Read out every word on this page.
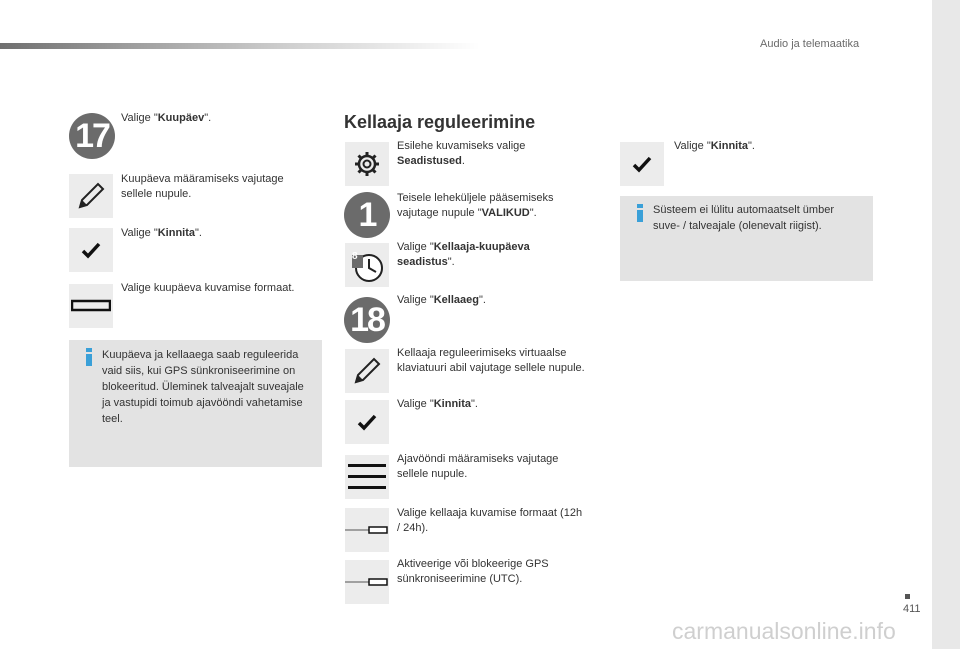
Audio ja telemaatika
411
17	Valige "Kuupäev".
Kuupäeva määramiseks vajutage sellele nupule.
Valige "Kinnita".
Valige kuupäeva kuvamise formaat.
Kuupäeva ja kellaaega saab reguleerida vaid siis, kui GPS sünkroniseerimine on blokeeritud. Üleminek talveajalt suveajale ja vastupidi toimub ajavööndi vahetamise teel.
Kellaaja reguleerimine
Esilehe kuvamiseks valige Seadistused.
1	Teisele leheküljele pääsemiseks vajutage nupule "VALIKUD".
8
Valige "Kellaaja-kuupäeva seadistus".
18
Valige "Kellaaeg".
Kellaaja reguleerimiseks virtuaalse klaviatuuri abil vajutage sellele nupule.
Valige "Kinnita".
Ajavööndi määramiseks vajutage sellele nupule.
Valige kellaaja kuvamise formaat (12h / 24h).
Aktiveerige või blokeerige GPS sünkroniseerimine (UTC).
Valige "Kinnita".
Süsteem ei lülitu automaatselt ümber suve- / talveajale (olenevalt riigist).
carmanualsonline.info
